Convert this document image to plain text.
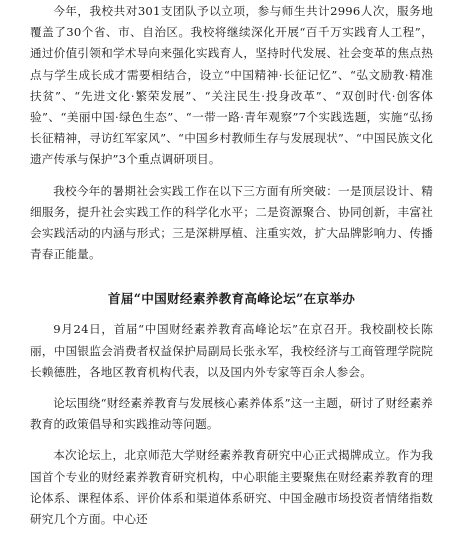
今年，我校共对301支团队予以立项，参与师生共计2996人次，服务地覆盖了30个省、市、自治区。我校将继续深化开展“百千万实践育人工程”，通过价值引领和学术导向来强化实践育人，坚持时代发展、社会变革的焦点热点与学生成长成才需要相结合，设立“中国精神·长征记忆”、“弘文励教·精准扶贫”、“先进文化·繁荣发展”、“关注民生·投身改革”、“双创时代·创客体验”、“美丽中国·绿色生态”、“一带一路·青年观察”7个实践选题，实施“弘扬长征精神，寻访红军家风”、“中国乡村教师生存与发展现状”、“中国民族文化遗产传承与保护”3个重点调研项目。

我校今年的暑期社会实践工作在以下三方面有所突破：一是顶层设计、精细服务，提升社会实践工作的科学化水平；二是资源聚合、协同创新，丰富社会实践活动的内涵与形式；三是深耕厚植、注重实效，扩大品牌影响力、传播青春正能量。

首届“中国财经素养教育高峰论坛”在京举办

9月24日，首届“中国财经素养教育高峰论坛”在京召开。我校副校长陈丽，中国银监会消费者权益保护局副局长张永军，我校经济与工商管理学院院长赖德胜，各地区教育机构代表，以及国内外专家等百余人参会。

论坛围绕“财经素养教育与发展核心素养体系”这一主题，研讨了财经素养教育的政策倡导和实践推动等问题。

本次论坛上，北京师范大学财经素养教育研究中心正式揭牌成立。作为我国首个专业的财经素养教育研究机构，中心职能主要聚焦在财经素养教育的理论体系、课程体系、评价体系和渠道体系研究、中国金融市场投资者情绪指数研究几个方面。中心还
